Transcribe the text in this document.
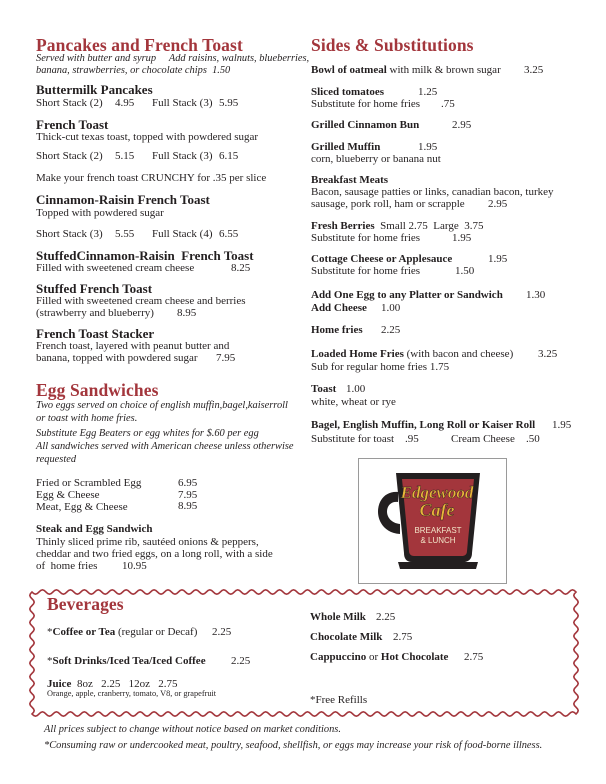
Pancakes and French Toast
Served with butter and syrup Add raisins, walnuts, blueberries,
banana, strawberries, or chocolate chips 1.50
Buttermilk Pancakes
Short Stack (2) 4.95 Full Stack (3) 5.95
French Toast
Thick-cut texas toast, topped with powdered sugar
Short Stack (2) 5.15 Full Stack (3) 6.15
Make your french toast CRUNCHY for .35 per slice
Cinnamon-Raisin French Toast
Topped with powdered sugar
Short Stack (3) 5.55 Full Stack (4) 6.55
StuffedCinnamon-Raisin  French Toast
Filled with sweetened cream cheese	8.25
Stuffed French Toast
Filled with sweetened cream cheese and berries
(strawberry and blueberry) 8.95
French Toast Stacker
French toast, layered with peanut butter and
banana, topped with powdered sugar 7.95
Egg Sandwiches
Two eggs served on choice of english muffin,bagel,kaiserroll
or toast with home fries.
Substitute Egg Beaters or egg whites for $.60 per egg
All sandwiches served with American cheese unless otherwise
requested
Fried or Scrambled Egg	6.95
Egg & Cheese	7.95
Meat, Egg & Cheese	8.95
Steak and Egg Sandwich
Thinly sliced prime rib, sautéed onions & peppers,
cheddar and two fried eggs, on a long roll, with a side
of  home fries 10.95
Sides & Substitutions
Bowl of oatmeal with milk & brown sugar 3.25
Sliced tomatoes	1.25
Substitute for home fries .75
Grilled Cinnamon Bun	2.95
Grilled Muffin	1.95
corn, blueberry or banana nut
Breakfast Meats
Bacon, sausage patties or links, canadian bacon, turkey
sausage, pork roll, ham or scrapple 2.95
Fresh Berries  Small 2.75  Large  3.75
Substitute for home fries	1.95
Cottage Cheese or Applesauce	1.95
Substitute for home fries	1.50
Add One Egg to any Platter or Sandwich 1.30
Add Cheese 1.00
Home fries 2.25
Loaded Home Fries (with bacon and cheese) 3.25
Sub for regular home fries 1.75
Toast 1.00
white, wheat or rye
Bagel, English Muffin, Long Roll or Kaiser Roll 1.95
Substitute for toast .95	Cream Cheese .50
Edgewood
Cafe
BREAKFAST
& LUNCH
Beverages
*Coffee or Tea (regular or Decaf) 2.25
*Soft Drinks/Iced Tea/Iced Coffee 2.25
Juice  8oz   2.25   12oz   2.75
Orange, apple, cranberry, tomato, V8, or grapefruit
Whole Milk 2.25
Chocolate Milk 2.75
Cappuccino or Hot Chocolate 2.75
*Free Refills
All prices subject to change without notice based on market conditions.
*Consuming raw or undercooked meat, poultry, seafood, shellfish, or eggs may increase your risk of food-borne illness.
